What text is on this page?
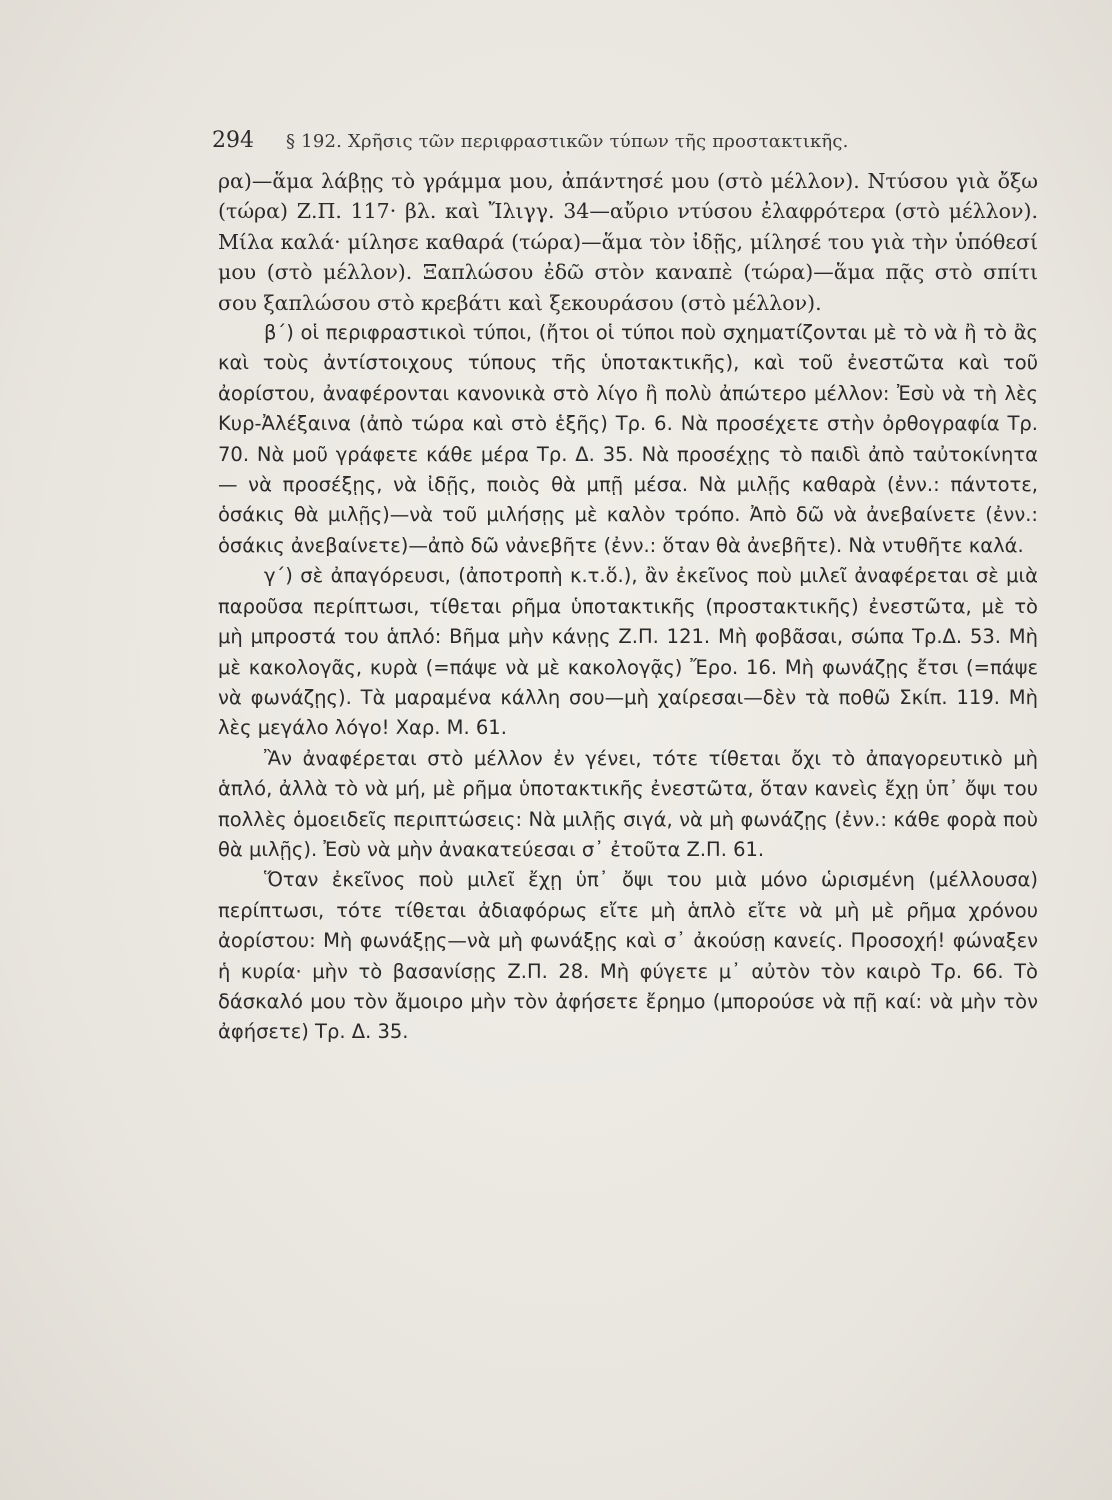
294 § 192. Χρῆσις τῶν περιφραστικῶν τύπων τῆς προστακτικῆς.

ρα)—ἅμα λάβῃς τὸ γράμμα μου, ἀπάντησέ μου (στὸ μέλλον). Ντύσου γιὰ ὄξω (τώρα) Ζ.Π. 117· βλ. καὶ Ἴλιγγ. 34—αὔριο ντύσου ἐλαφρότερα (στὸ μέλλον). Μίλα καλά· μίλησε καθαρά (τώρα)—ἅμα τὸν ἰδῇς, μίλησέ του γιὰ τὴν ὑπόθεσί μου (στὸ μέλλον). Ξαπλώσου ἐδῶ στὸν καναπὲ (τώρα)—ἅμα πᾷς στὸ σπίτι σου ξαπλώσου στὸ κρεβάτι καὶ ξεκουράσου (στὸ μέλλον).

β΄) οἱ περιφραστικοὶ τύποι, (ἤτοι οἱ τύποι ποὺ σχηματίζονται μὲ τὸ νὰ ἢ τὸ ἂς καὶ τοὺς ἀντίστοιχους τύπους τῆς ὑποτακτικῆς), καὶ τοῦ ἐνεστῶτα καὶ τοῦ ἀορίστου, ἀναφέρονται κανονικὰ στὸ λίγο ἢ πολὺ ἀπώτερο μέλλον: Ἐσὺ νὰ τὴ λὲς Κυρ-Ἀλέξαινα (ἀπὸ τώρα καὶ στὸ ἑξῆς) Τρ. 6. Νὰ προσέχετε στὴν ὀρθογραφία Τρ. 70. Νὰ μοῦ γράφετε κάθε μέρα Τρ. Δ. 35. Νὰ προσέχῃς τὸ παιδὶ ἀπὸ ταὐτοκίνητα — νὰ προσέξῃς, νὰ ἰδῇς, ποιὸς θὰ μπῇ μέσα. Νὰ μιλῇς καθαρὰ (ἐνν.: πάντοτε, ὁσάκις θὰ μιλῇς)—νὰ τοῦ μιλήσῃς μὲ καλὸν τρόπο. Ἀπὸ δῶ νὰ ἀνεβαίνετε (ἐνν.: ὁσάκις ἀνεβαίνετε)—ἀπὸ δῶ νἀνεβῆτε (ἐνν.: ὅταν θὰ ἀνεβῆτε). Νὰ ντυθῆτε καλά.

γ΄) σὲ ἀπαγόρευσι, (ἀποτροπὴ κ.τ.ὅ.), ἂν ἐκεῖνος ποὺ μιλεῖ ἀναφέρεται σὲ μιὰ παροῦσα περίπτωσι, τίθεται ρῆμα ὑποτακτικῆς (προστακτικῆς) ἐνεστῶτα, μὲ τὸ μὴ μπροστά του ἁπλό: Βῆμα μὴν κάνῃς Ζ.Π. 121. Μὴ φοβᾶσαι, σώπα Τρ.Δ. 53. Μὴ μὲ κακολογᾶς, κυρὰ (=πάψε νὰ μὲ κακολογᾷς) Ἔρο. 16. Μὴ φωνάζῃς ἔτσι (=πάψε νὰ φωνάζῃς). Τὰ μαραμένα κάλλη σου—μὴ χαίρεσαι—δὲν τὰ ποθῶ Σκίπ. 119. Μὴ λὲς μεγάλο λόγο! Χαρ. Μ. 61.

Ἂν ἀναφέρεται στὸ μέλλον ἐν γένει, τότε τίθεται ὄχι τὸ ἀπαγορευτικὸ μὴ ἁπλό, ἀλλὰ τὸ νὰ μή, μὲ ρῆμα ὑποτακτικῆς ἐνεστῶτα, ὅταν κανεὶς ἔχῃ ὑπ᾿ ὄψι του πολλὲς ὁμοειδεῖς περιπτώσεις: Νὰ μιλῇς σιγά, νὰ μὴ φωνάζῃς (ἐνν.: κάθε φορὰ ποὺ θὰ μιλῇς). Ἐσὺ νὰ μὴν ἀνακατεύεσαι σ᾿ ἐτοῦτα Ζ.Π. 61.

Ὅταν ἐκεῖνος ποὺ μιλεῖ ἔχῃ ὑπ᾿ ὄψι του μιὰ μόνο ὡρισμένη (μέλλουσα) περίπτωσι, τότε τίθεται ἀδιαφόρως εἴτε μὴ ἁπλὸ εἴτε νὰ μὴ μὲ ρῆμα χρόνου ἀορίστου: Μὴ φωνάξῃς—νὰ μὴ φωνάξῃς καὶ σ᾿ ἀκούσῃ κανείς. Προσοχή! φώναξεν ἡ κυρία· μὴν τὸ βασανίσῃς Ζ.Π. 28. Μὴ φύγετε μ᾿ αὐτὸν τὸν καιρὸ Τρ. 66. Τὸ δάσκαλό μου τὸν ἄμοιρο μὴν τὸν ἀφήσετε ἔρημο (μπορούσε νὰ πῇ καί: νὰ μὴν τὸν ἀφήσετε) Τρ. Δ. 35.
